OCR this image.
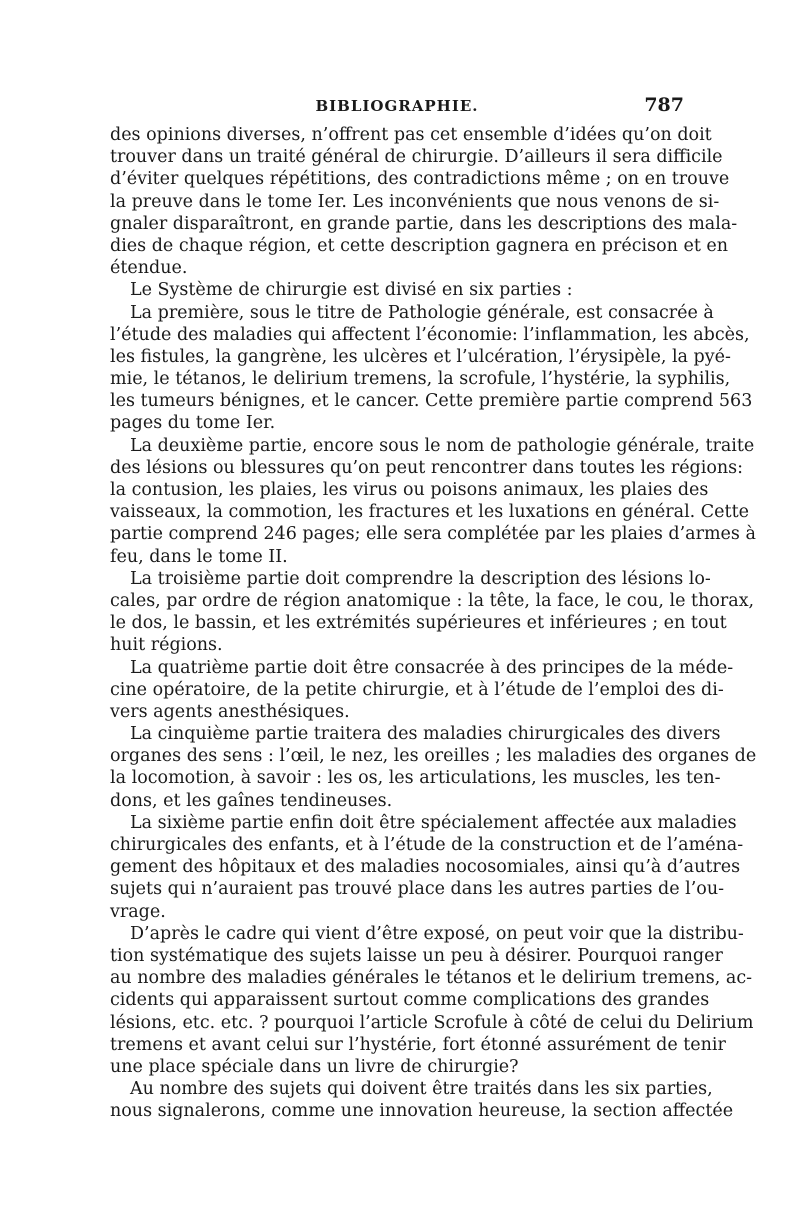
BIBLIOGRAPHIE.	787
des opinions diverses, n’offrent pas cet ensemble d’idées qu’on doit
trouver dans un traité général de chirurgie. D’ailleurs il sera difficile
d’éviter quelques répétitions, des contradictions même ; on en trouve
la preuve dans le tome Ier. Les inconvénients que nous venons de si-
gnaler disparaîtront, en grande partie, dans les descriptions des mala-
dies de chaque région, et cette description gagnera en précison et en
étendue.
Le Système de chirurgie est divisé en six parties :
La première, sous le titre de Pathologie générale, est consacrée à
l’étude des maladies qui affectent l’économie: l’inflammation, les abcès,
les fistules, la gangrène, les ulcères et l’ulcération, l’érysipèle, la pyé-
mie, le tétanos, le delirium tremens, la scrofule, l’hystérie, la syphilis,
les tumeurs bénignes, et le cancer. Cette première partie comprend 563
pages du tome Ier.
La deuxième partie, encore sous le nom de pathologie générale, traite
des lésions ou blessures qu’on peut rencontrer dans toutes les régions:
la contusion, les plaies, les virus ou poisons animaux, les plaies des
vaisseaux, la commotion, les fractures et les luxations en général. Cette
partie comprend 246 pages; elle sera complétée par les plaies d’armes à
feu, dans le tome II.
La troisième partie doit comprendre la description des lésions lo-
cales, par ordre de région anatomique : la tête, la face, le cou, le thorax,
le dos, le bassin, et les extrémités supérieures et inférieures ; en tout
huit régions.
La quatrième partie doit être consacrée à des principes de la méde-
cine opératoire, de la petite chirurgie, et à l’étude de l’emploi des di-
vers agents anesthésiques.
La cinquième partie traitera des maladies chirurgicales des divers
organes des sens : l’œil, le nez, les oreilles ; les maladies des organes de
la locomotion, à savoir : les os, les articulations, les muscles, les ten-
dons, et les gaînes tendineuses.
La sixième partie enfin doit être spécialement affectée aux maladies
chirurgicales des enfants, et à l’étude de la construction et de l’aména-
gement des hôpitaux et des maladies nocosomiales, ainsi qu’à d’autres
sujets qui n’auraient pas trouvé place dans les autres parties de l’ou-
vrage.
D’après le cadre qui vient d’être exposé, on peut voir que la distribu-
tion systématique des sujets laisse un peu à désirer. Pourquoi ranger
au nombre des maladies générales le tétanos et le delirium tremens, ac-
cidents qui apparaissent surtout comme complications des grandes
lésions, etc. etc. ? pourquoi l’article Scrofule à côté de celui du Delirium
tremens et avant celui sur l’hystérie, fort étonné assurément de tenir
une place spéciale dans un livre de chirurgie?
Au nombre des sujets qui doivent être traités dans les six parties,
nous signalerons, comme une innovation heureuse, la section affectée
